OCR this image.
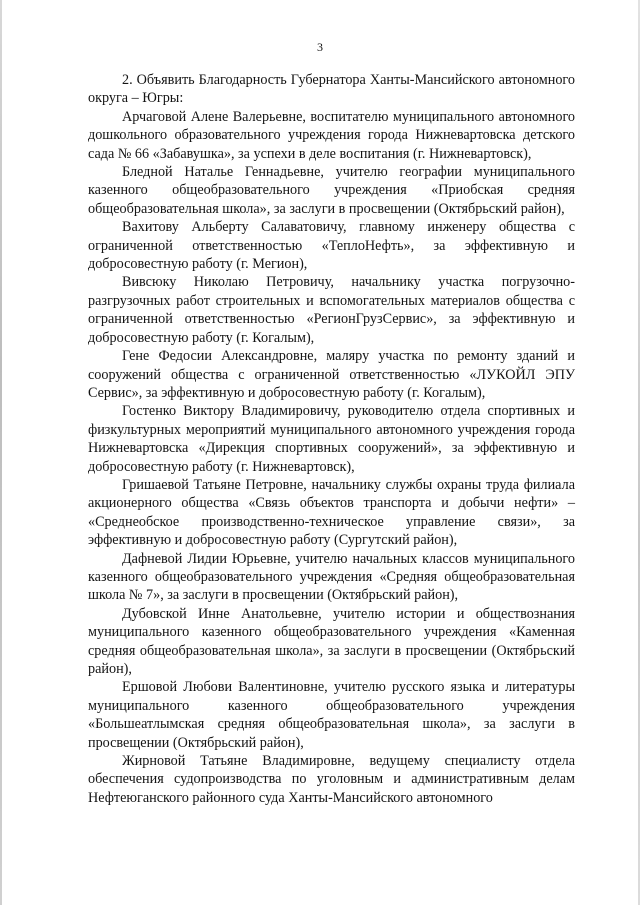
3

2. Объявить Благодарность Губернатора Ханты-Мансийского автономного округа – Югры:

Арчаговой Алене Валерьевне, воспитателю муниципального автономного дошкольного образовательного учреждения города Нижневартовска детского сада № 66 «Забавушка», за успехи в деле воспитания (г. Нижневартовск),

Бледной Наталье Геннадьевне, учителю географии муниципального казенного общеобразовательного учреждения «Приобская средняя общеобразовательная школа», за заслуги в просвещении (Октябрьский район),

Вахитову Альберту Салаватовичу, главному инженеру общества с ограниченной ответственностью «ТеплоНефть», за эффективную и добросовестную работу (г. Мегион),

Вивсюку Николаю Петровичу, начальнику участка погрузочно-разгрузочных работ строительных и вспомогательных материалов общества с ограниченной ответственностью «РегионГрузСервис», за эффективную и добросовестную работу (г. Когалым),

Гене Федосии Александровне, маляру участка по ремонту зданий и сооружений общества с ограниченной ответственностью «ЛУКОЙЛ ЭПУ Сервис», за эффективную и добросовестную работу (г. Когалым),

Гостенко Виктору Владимировичу, руководителю отдела спортивных и физкультурных мероприятий муниципального автономного учреждения города Нижневартовска «Дирекция спортивных сооружений», за эффективную и добросовестную работу (г. Нижневартовск),

Гришаевой Татьяне Петровне, начальнику службы охраны труда филиала акционерного общества «Связь объектов транспорта и добычи нефти» – «Среднеобское производственно-техническое управление связи», за эффективную и добросовестную работу (Сургутский район),

Дафневой Лидии Юрьевне, учителю начальных классов муниципального казенного общеобразовательного учреждения «Средняя общеобразовательная школа № 7», за заслуги в просвещении (Октябрьский район),

Дубовской Инне Анатольевне, учителю истории и обществознания муниципального казенного общеобразовательного учреждения «Каменная средняя общеобразовательная школа», за заслуги в просвещении (Октябрьский район),

Ершовой Любови Валентиновне, учителю русского языка и литературы муниципального казенного общеобразовательного учреждения «Большеатлымская средняя общеобразовательная школа», за заслуги в просвещении (Октябрьский район),

Жирновой Татьяне Владимировне, ведущему специалисту отдела обеспечения судопроизводства по уголовным и административным делам Нефтеюганского районного суда Ханты-Мансийского автономного
